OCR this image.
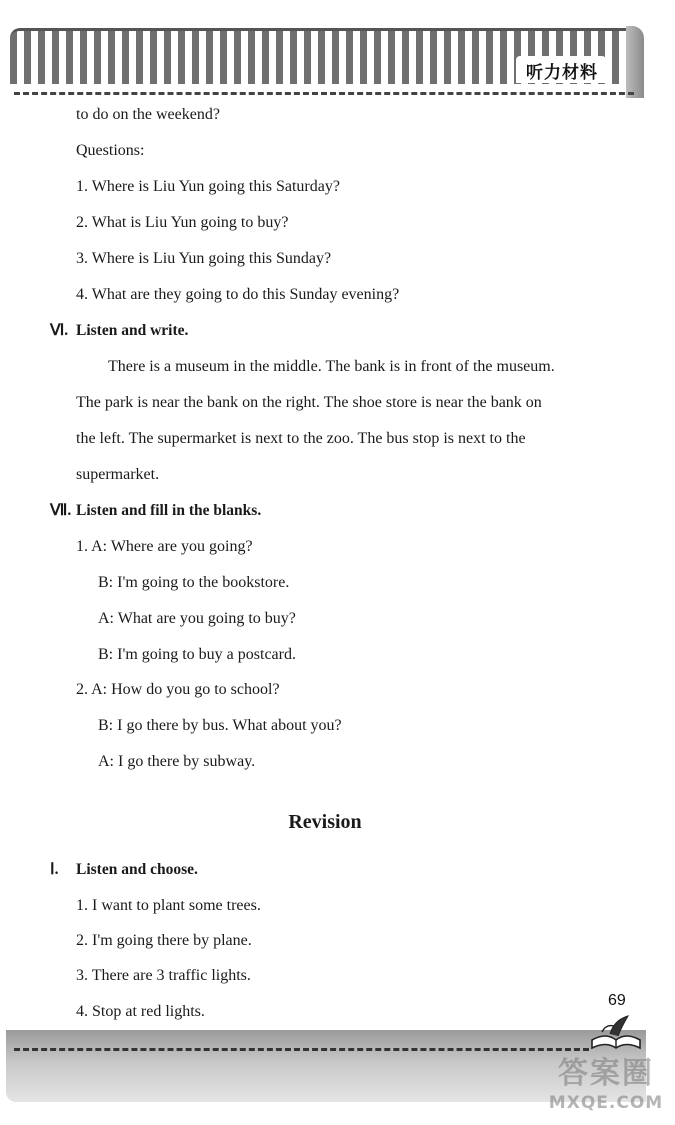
听力材料
to do on the weekend?
Questions:
1. Where is Liu Yun going this Saturday?
2. What is Liu Yun going to buy?
3. Where is Liu Yun going this Sunday?
4. What are they going to do this Sunday evening?
Ⅵ. Listen and write.
There is a museum in the middle. The bank is in front of the museum.
The park is near the bank on the right. The shoe store is near the bank on
the left. The supermarket is next to the zoo. The bus stop is next to the
supermarket.
Ⅶ. Listen and fill in the blanks.
1. A: Where are you going?
B: I'm going to the bookstore.
A: What are you going to buy?
B: I'm going to buy a postcard.
2. A: How do you go to school?
B: I go there by bus. What about you?
A: I go there by subway.
Revision
Ⅰ. Listen and choose.
1. I want to plant some trees.
2. I'm going there by plane.
3. There are 3 traffic lights.
4. Stop at red lights.
69
答案圈
MXQE.COM
